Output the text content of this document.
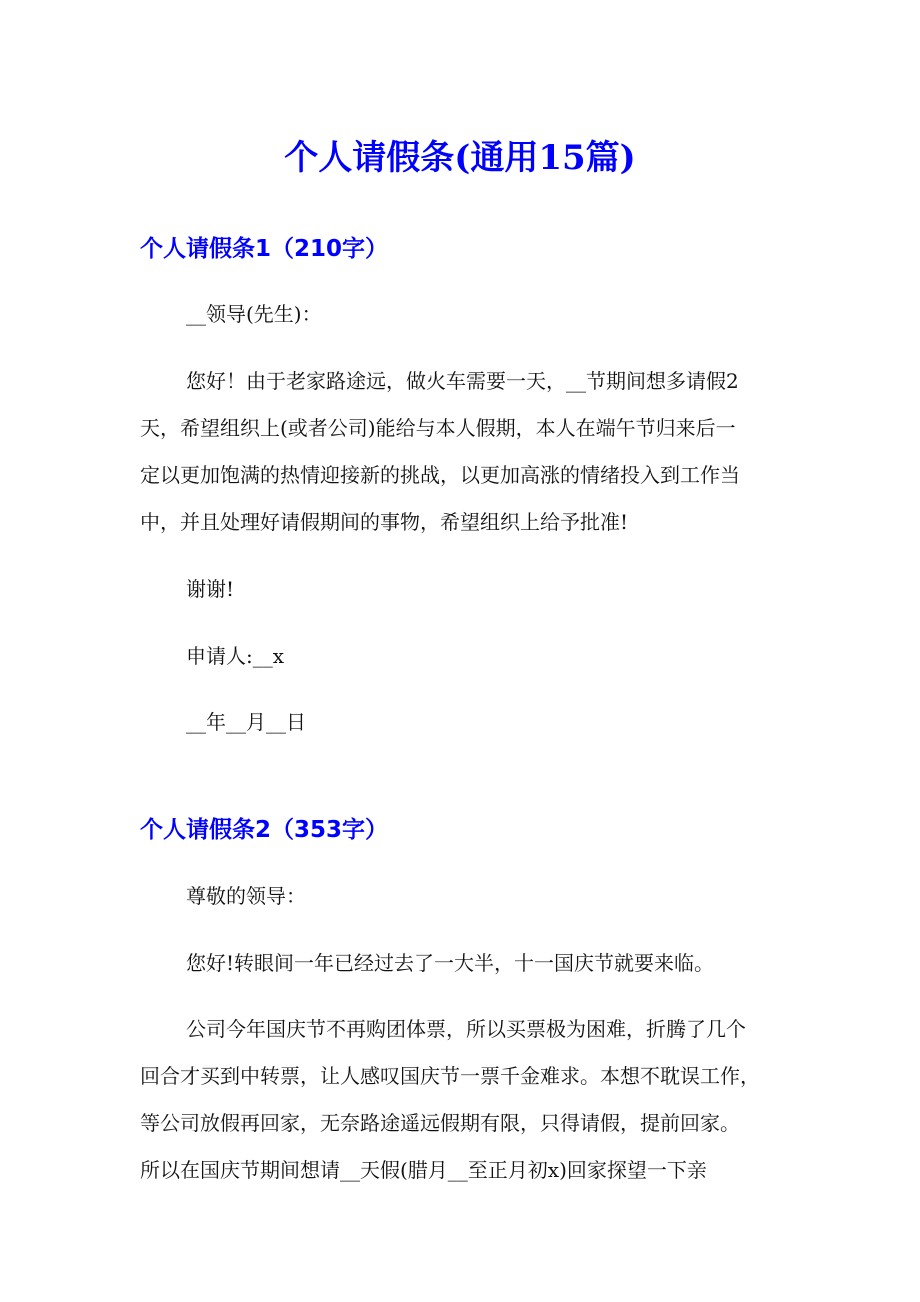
个人请假条(通用15篇)
个人请假条1（210字）

__领导(先生)：

您好！由于老家路途远，做火车需要一天，__节期间想多请假2

天，希望组织上(或者公司)能给与本人假期，本人在端午节归来后一

定以更加饱满的热情迎接新的挑战，以更加高涨的情绪投入到工作当

中，并且处理好请假期间的事物，希望组织上给予批准!

谢谢!

申请人:__x

__年__月__日

个人请假条2（353字）

尊敬的领导：

您好!转眼间一年已经过去了一大半，十一国庆节就要来临。

公司今年国庆节不再购团体票，所以买票极为困难，折腾了几个

回合才买到中转票，让人感叹国庆节一票千金难求。本想不耽误工作，

等公司放假再回家，无奈路途遥远假期有限，只得请假，提前回家。

所以在国庆节期间想请__天假(腊月__至正月初x)回家探望一下亲
